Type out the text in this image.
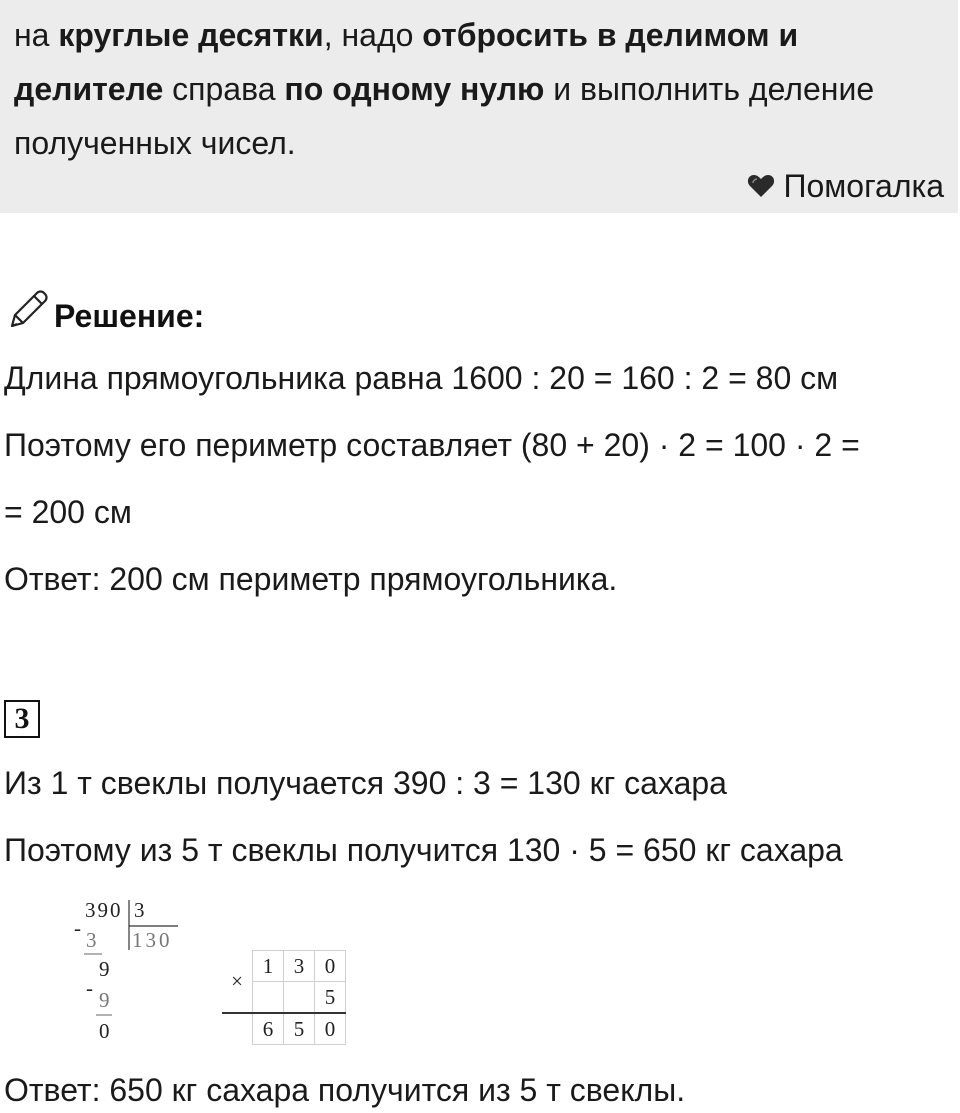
на круглые десятки, надо отбросить в делимом и делителе справа по одному нулю и выполнить деление полученных чисел.
Помогалка
Решение:
Длина прямоугольника равна 1600 : 20 = 160 : 2 = 80 см
Поэтому его периметр составляет (80 + 20) · 2 = 100 · 2 =
= 200 см
Ответ: 200 см периметр прямоугольника.
3
Из 1 т свеклы получается 390 : 3 = 130 кг сахара
Поэтому из 5 т свеклы получится 130 · 5 = 650 кг сахара
390 3
- 3 130
9
- 9
0
×	1	3	0
			5
	6	5	0
Ответ: 650 кг сахара получится из 5 т свеклы.
